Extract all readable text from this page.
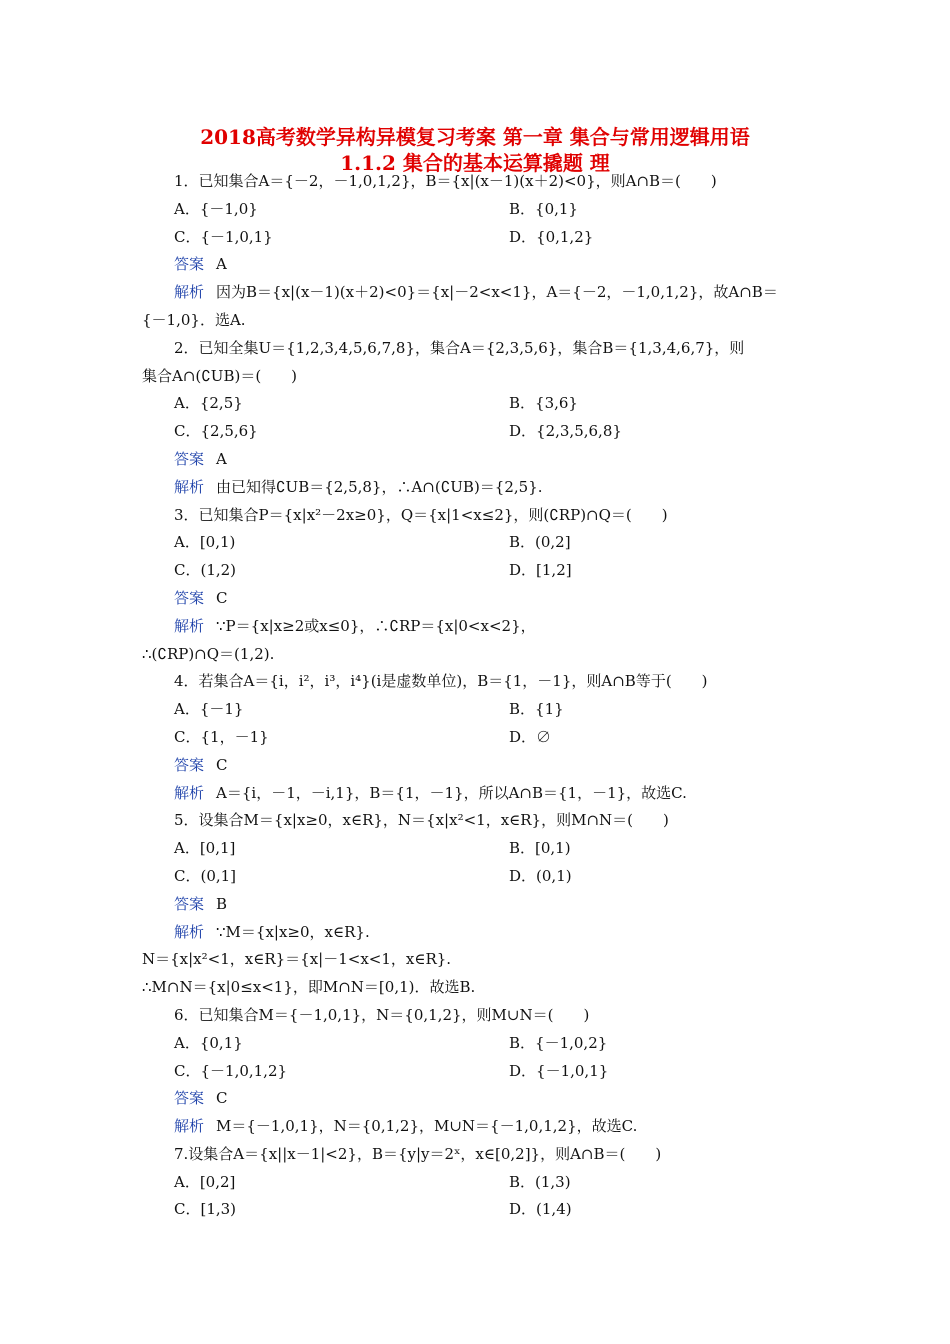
2018高考数学异构异模复习考案 第一章 集合与常用逻辑用语
1.1.2 集合的基本运算撬题 理
1．已知集合A＝{－2，－1,0,1,2}，B＝{x|(x－1)(x＋2)<0}，则A∩B＝(　　)
A．{－1,0}	B．{0,1}
C．{－1,0,1}	D．{0,1,2}
答案 A
解析 因为B＝{x|(x－1)(x＋2)<0}＝{x|－2<x<1}，A＝{－2，－1,0,1,2}，故A∩B＝
{－1,0}．选A.
2．已知全集U＝{1,2,3,4,5,6,7,8}，集合A＝{2,3,5,6}，集合B＝{1,3,4,6,7}，则
集合A∩(∁UB)＝(　　)
A．{2,5}	B．{3,6}
C．{2,5,6}	D．{2,3,5,6,8}
答案 A
解析 由已知得∁UB＝{2,5,8}，∴A∩(∁UB)＝{2,5}.
3．已知集合P＝{x|x²－2x≥0}，Q＝{x|1<x≤2}，则(∁RP)∩Q＝(　　)
A．[0,1)	B．(0,2]
C．(1,2)	D．[1,2]
答案 C
解析 ∵P＝{x|x≥2或x≤0}，∴∁RP＝{x|0<x<2}，
∴(∁RP)∩Q＝(1,2).
4．若集合A＝{i，i²，i³，i⁴}(i是虚数单位)，B＝{1，－1}，则A∩B等于(　　)
A．{－1}	B．{1}
C．{1，－1}	D．∅
答案 C
解析 A＝{i，－1，－i,1}，B＝{1，－1}，所以A∩B＝{1，－1}，故选C.
5．设集合M＝{x|x≥0，x∈R}，N＝{x|x²<1，x∈R}，则M∩N＝(　　)
A．[0,1]	B．[0,1)
C．(0,1]	D．(0,1)
答案 B
解析 ∵M＝{x|x≥0，x∈R}.
N＝{x|x²<1，x∈R}＝{x|－1<x<1，x∈R}.
∴M∩N＝{x|0≤x<1}，即M∩N＝[0,1)．故选B.
6．已知集合M＝{－1,0,1}，N＝{0,1,2}，则M∪N＝(　　)
A．{0,1}	B．{－1,0,2}
C．{－1,0,1,2}	D．{－1,0,1}
答案 C
解析 M＝{－1,0,1}，N＝{0,1,2}，M∪N＝{－1,0,1,2}，故选C.
7.设集合A＝{x||x－1|<2}，B＝{y|y＝2ˣ，x∈[0,2]}，则A∩B＝(　　)
A．[0,2]	B．(1,3)
C．[1,3)	D．(1,4)
